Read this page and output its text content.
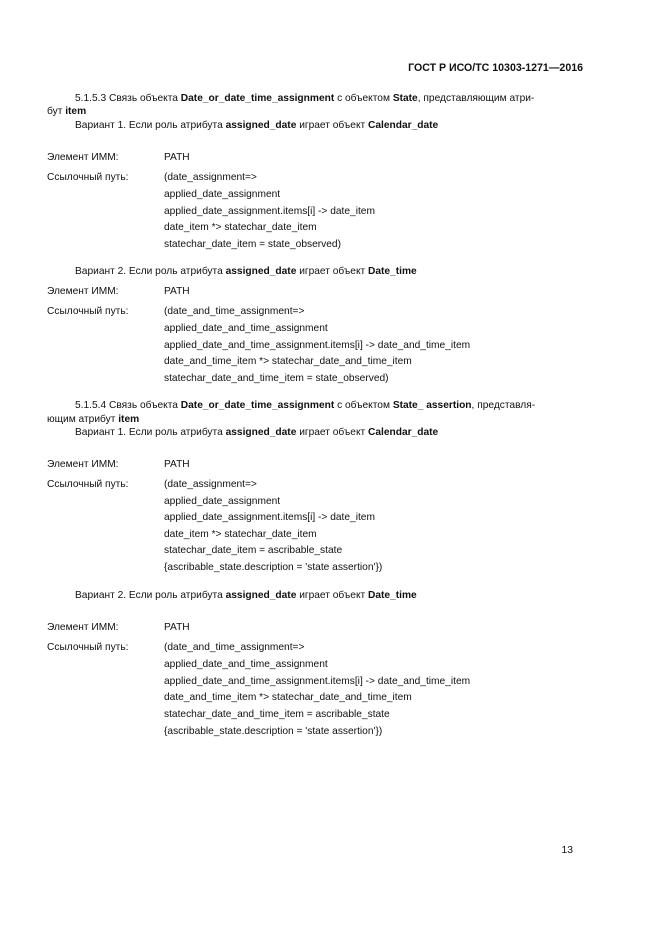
ГОСТ Р ИСО/ТС 10303-1271—2016
5.1.5.3 Связь объекта Date_or_date_time_assignment с объектом State, представляющим атри-
бут item
Вариант 1. Если роль атрибута assigned_date играет объект Calendar_date
Элемент ИММ:	PATH
Ссылочный путь:	(date_assignment=>
applied_date_assignment
applied_date_assignment.items[i] -> date_item
date_item *> statechar_date_item
statechar_date_item = state_observed)
Вариант 2. Если роль атрибута assigned_date играет объект Date_time
Элемент ИММ:	PATH
Ссылочный путь:	(date_and_time_assignment=>
applied_date_and_time_assignment
applied_date_and_time_assignment.items[i] -> date_and_time_item
date_and_time_item *> statechar_date_and_time_item
statechar_date_and_time_item = state_observed)
5.1.5.4 Связь объекта Date_or_date_time_assignment с объектом State_ assertion, представля-
ющим атрибут item
Вариант 1. Если роль атрибута assigned_date играет объект Calendar_date
Элемент ИММ:	PATH
Ссылочный путь:	(date_assignment=>
applied_date_assignment
applied_date_assignment.items[i] -> date_item
date_item *> statechar_date_item
statechar_date_item = ascribable_state
{ascribable_state.description = 'state assertion'})
Вариант 2. Если роль атрибута assigned_date играет объект Date_time
Элемент ИММ:	PATH
Ссылочный путь:	(date_and_time_assignment=>
applied_date_and_time_assignment
applied_date_and_time_assignment.items[i] -> date_and_time_item
date_and_time_item *> statechar_date_and_time_item
statechar_date_and_time_item = ascribable_state
{ascribable_state.description = 'state assertion'})
13
